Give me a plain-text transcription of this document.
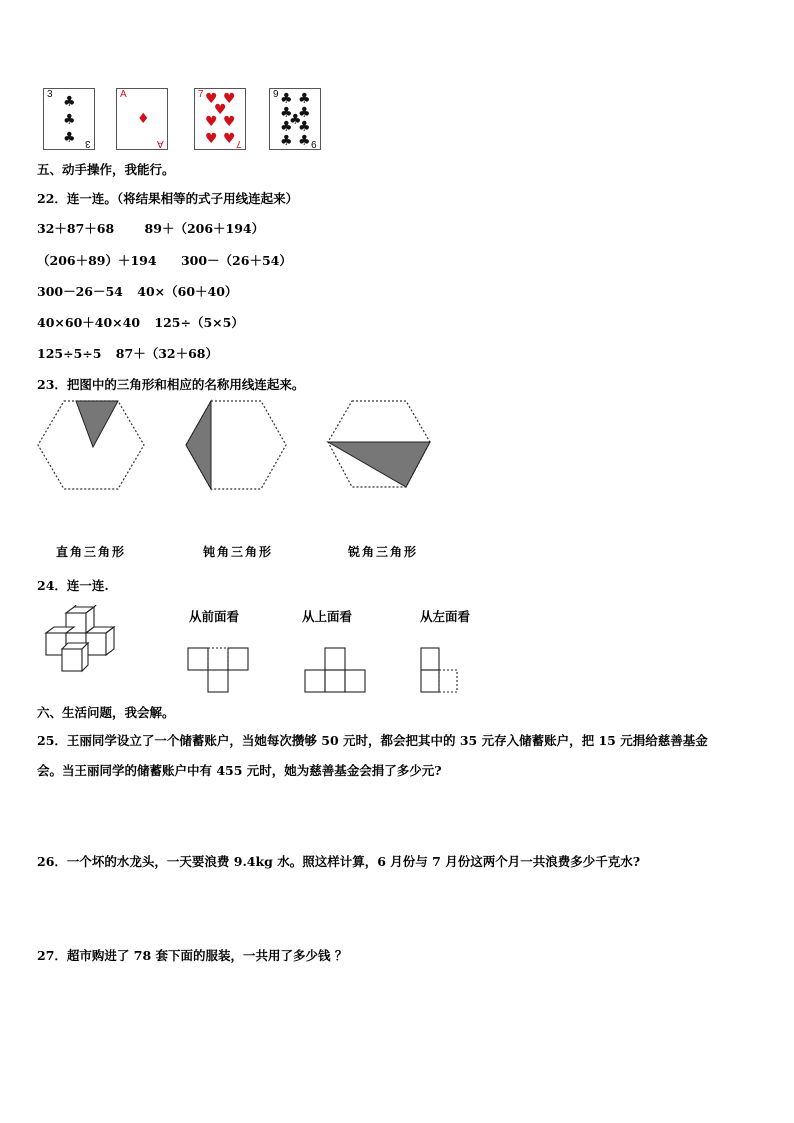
3 ♣
♣
♣ 3
A
♦
A
7 ♥ ♥
♥
♥ ♥
♥ ♥ 7
9 ♣ ♣
♣ ♣
♣
♣ ♣
♣ ♣ 9
五、动手操作，我能行。
22．连一连。（将结果相等的式子用线连起来）
32＋87＋68 89＋（206＋194）
（206＋89）＋194 300－（26＋54）
300－26－54 40×（60＋40）
40×60＋40×40 125÷（5×5）
125÷5÷5 87＋（32＋68）
23．把图中的三角形和相应的名称用线连起来。
直角三角形	钝角三角形	锐角三角形
24．连一连.
从前面看	从上面看	从左面看
六、生活问题，我会解。
25．王丽同学设立了一个储蓄账户，当她每次攒够 50 元时，都会把其中的 35 元存入储蓄账户，把 15 元捐给慈善基金
会。当王丽同学的储蓄账户中有 455 元时，她为慈善基金会捐了多少元?
26．一个坏的水龙头，一天要浪费 9.4kg 水。照这样计算，6 月份与 7 月份这两个月一共浪费多少千克水?
27．超市购进了 78 套下面的服装，一共用了多少钱 ？
